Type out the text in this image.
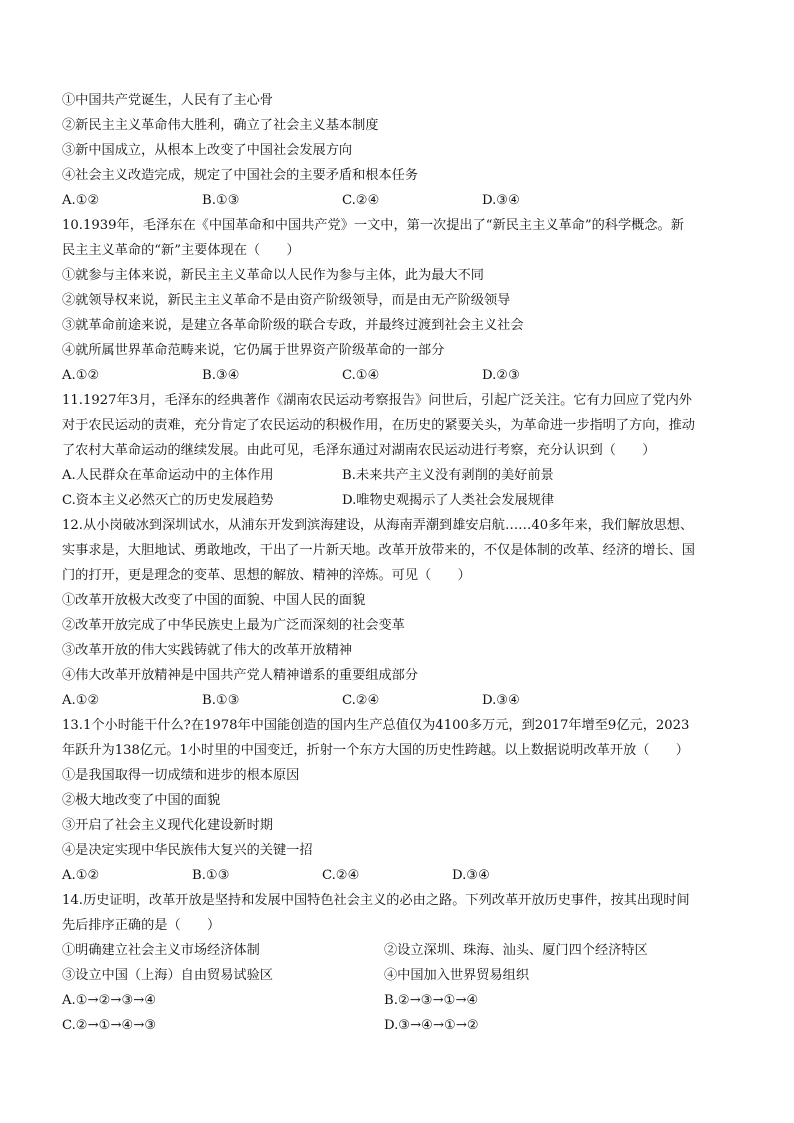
①中国共产党诞生，人民有了主心骨
②新民主主义革命伟大胜利，确立了社会主义基本制度
③新中国成立，从根本上改变了中国社会发展方向
④社会主义改造完成，规定了中国社会的主要矛盾和根本任务
A.①②	B.①③	C.②④	D.③④
10.1939年，毛泽东在《中国革命和中国共产党》一文中，第一次提出了“新民主主义革命”的科学概念。新
民主主义革命的“新”主要体现在（　　）
①就参与主体来说，新民主主义革命以人民作为参与主体，此为最大不同
②就领导权来说，新民主主义革命不是由资产阶级领导，而是由无产阶级领导
③就革命前途来说，是建立各革命阶级的联合专政，并最终过渡到社会主义社会
④就所属世界革命范畴来说，它仍属于世界资产阶级革命的一部分
A.①②	B.③④	C.①④	D.②③
11.1927年3月，毛泽东的经典著作《湖南农民运动考察报告》问世后，引起广泛关注。它有力回应了党内外
对于农民运动的责难，充分肯定了农民运动的积极作用，在历史的紧要关头，为革命进一步指明了方向，推动
了农村大革命运动的继续发展。由此可见，毛泽东通过对湖南农民运动进行考察，充分认识到（　　）
A.人民群众在革命运动中的主体作用	B.未来共产主义没有剥削的美好前景
C.资本主义必然灭亡的历史发展趋势	D.唯物史观揭示了人类社会发展规律
12.从小岗破冰到深圳试水，从浦东开发到滨海建设，从海南弄潮到雄安启航……40多年来，我们解放思想、
实事求是，大胆地试、勇敢地改，干出了一片新天地。改革开放带来的，不仅是体制的改革、经济的增长、国
门的打开，更是理念的变革、思想的解放、精神的淬炼。可见（　　）
①改革开放极大改变了中国的面貌、中国人民的面貌
②改革开放完成了中华民族史上最为广泛而深刻的社会变革
③改革开放的伟大实践铸就了伟大的改革开放精神
④伟大改革开放精神是中国共产党人精神谱系的重要组成部分
A.①②	B.①③	C.②④	D.③④
13.1个小时能干什么?在1978年中国能创造的国内生产总值仅为4100多万元，到2017年增至9亿元，2023
年跃升为138亿元。1小时里的中国变迁，折射一个东方大国的历史性跨越。以上数据说明改革开放（　　）
①是我国取得一切成绩和进步的根本原因
②极大地改变了中国的面貌
③开启了社会主义现代化建设新时期
④是决定实现中华民族伟大复兴的关键一招
A.①②	B.①③	C.②④	D.③④
14.历史证明，改革开放是坚持和发展中国特色社会主义的必由之路。下列改革开放历史事件，按其出现时间
先后排序正确的是（　　）
①明确建立社会主义市场经济体制	②设立深圳、珠海、汕头、厦门四个经济特区
③设立中国（上海）自由贸易试验区	④中国加入世界贸易组织
A.①→②→③→④	B.②→③→①→④
C.②→①→④→③	D.③→④→①→②
